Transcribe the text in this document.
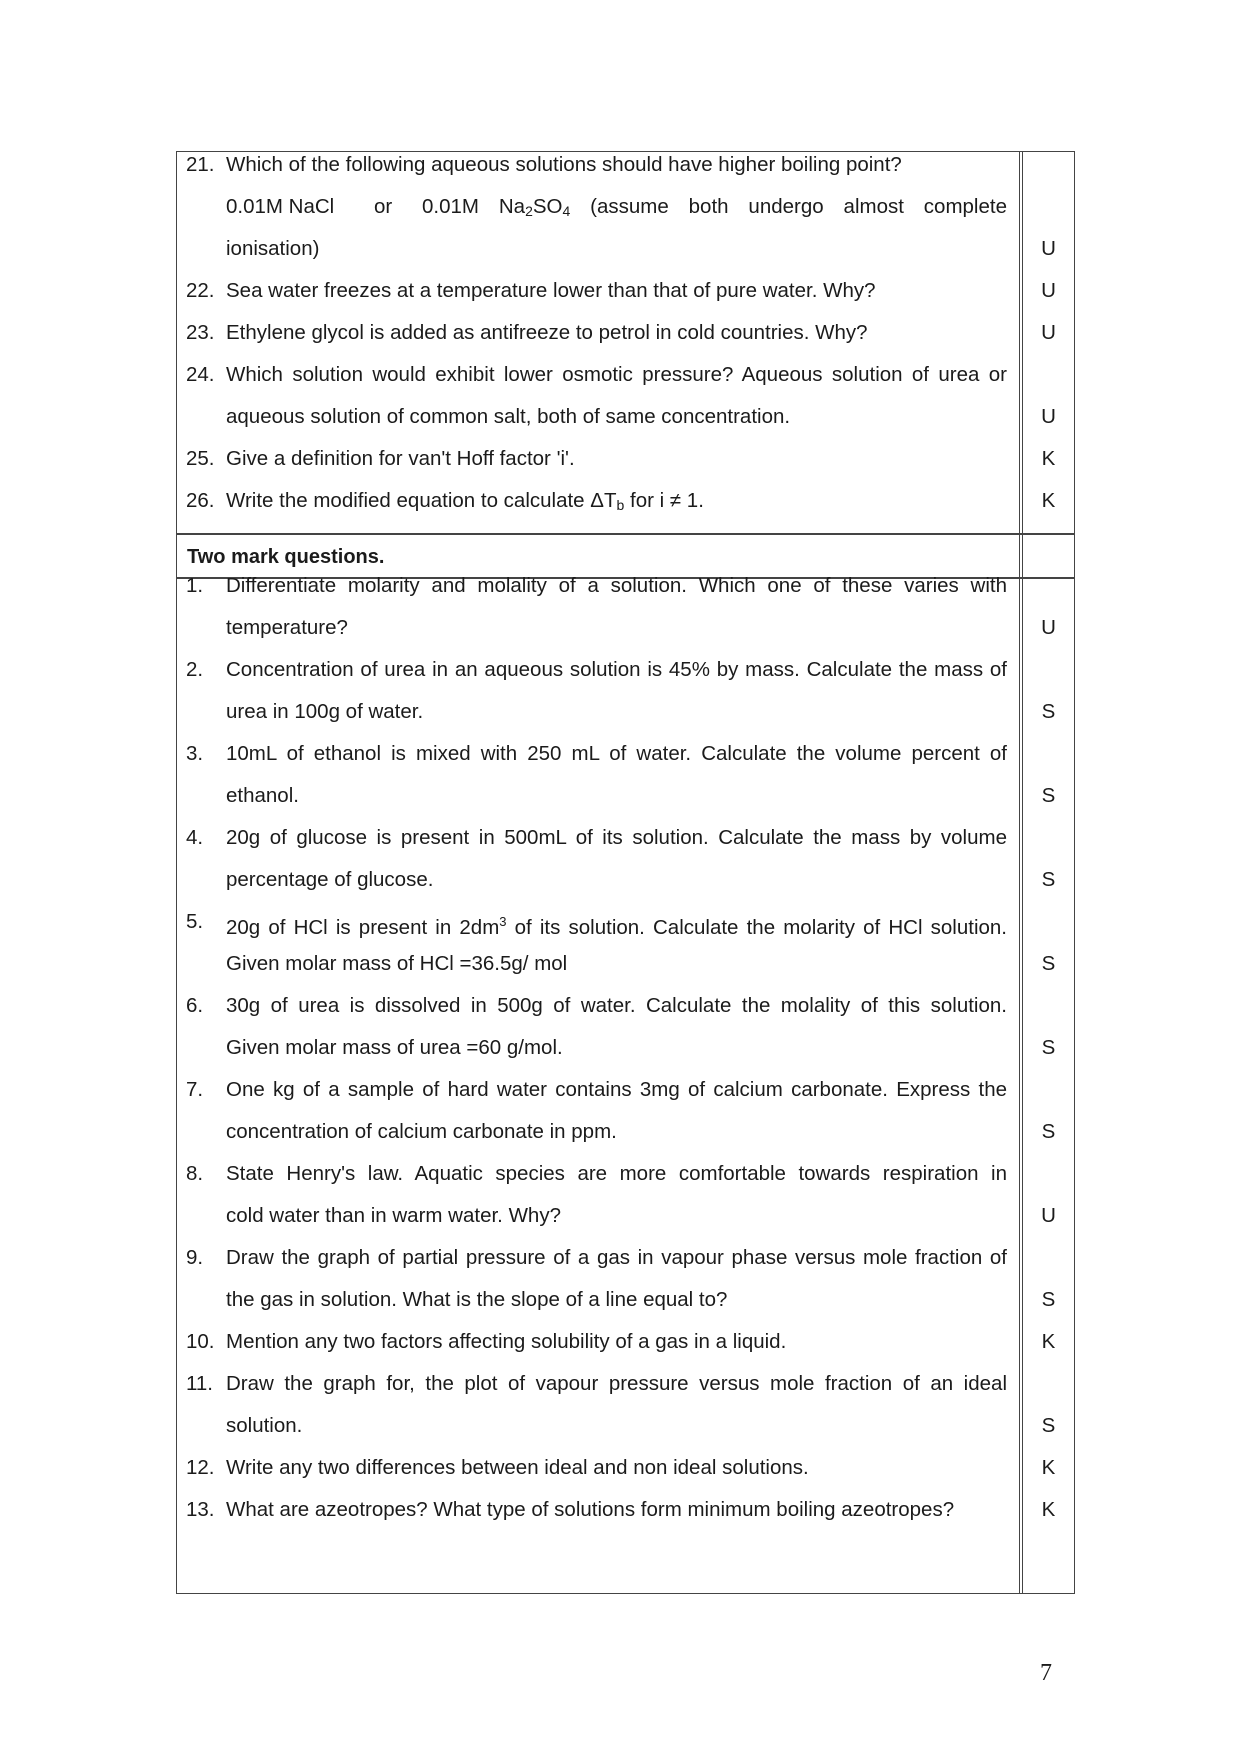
Two mark questions.
21. Which of the following aqueous solutions should have higher boiling point?
0.01M NaCl	or	0.01M $Na_2SO_4$ (assume both undergo almost complete
ionisation)	U
22. Sea water freezes at a temperature lower than that of pure water. Why?	U
23. Ethylene glycol is added as antifreeze to petrol in cold countries. Why?	U
24. Which solution would exhibit lower osmotic pressure? Aqueous solution of urea or
aqueous solution of common salt, both of same concentration.	U
25. Give a definition for van't Hoff factor 'i'.	K
26. Write the modified equation to calculate $\Delta T_b$ for i ≠ 1.	K
1. Differentiate molarity and molality of a solution. Which one of these varies with
temperature?	U
2. Concentration of urea in an aqueous solution is 45% by mass. Calculate the mass of
urea in 100g of water.	S
3. 10mL of ethanol is mixed with 250 mL of water. Calculate the volume percent of
ethanol.	S
4. 20g of glucose is present in 500mL of its solution. Calculate the mass by volume
percentage of glucose.	S
5. 20g of HCl is present in $2dm^3$ of its solution. Calculate the molarity of HCl solution.
Given molar mass of HCl =36.5g/ mol	S
6. 30g of urea is dissolved in 500g of water. Calculate the molality of this solution.
Given molar mass of urea =60 g/mol.	S
7. One kg of a sample of hard water contains 3mg of calcium carbonate. Express the
concentration of calcium carbonate in ppm.	S
8. State Henry's law. Aquatic species are more comfortable towards respiration in
cold water than in warm water. Why?	U
9. Draw the graph of partial pressure of a gas in vapour phase versus mole fraction of
the gas in solution. What is the slope of a line equal to?	S
10. Mention any two factors affecting solubility of a gas in a liquid.	K
11. Draw the graph for, the plot of vapour pressure versus mole fraction of an ideal
solution.	S
12. Write any two differences between ideal and non ideal solutions.	K
13. What are azeotropes? What type of solutions form minimum boiling azeotropes?	K
7
